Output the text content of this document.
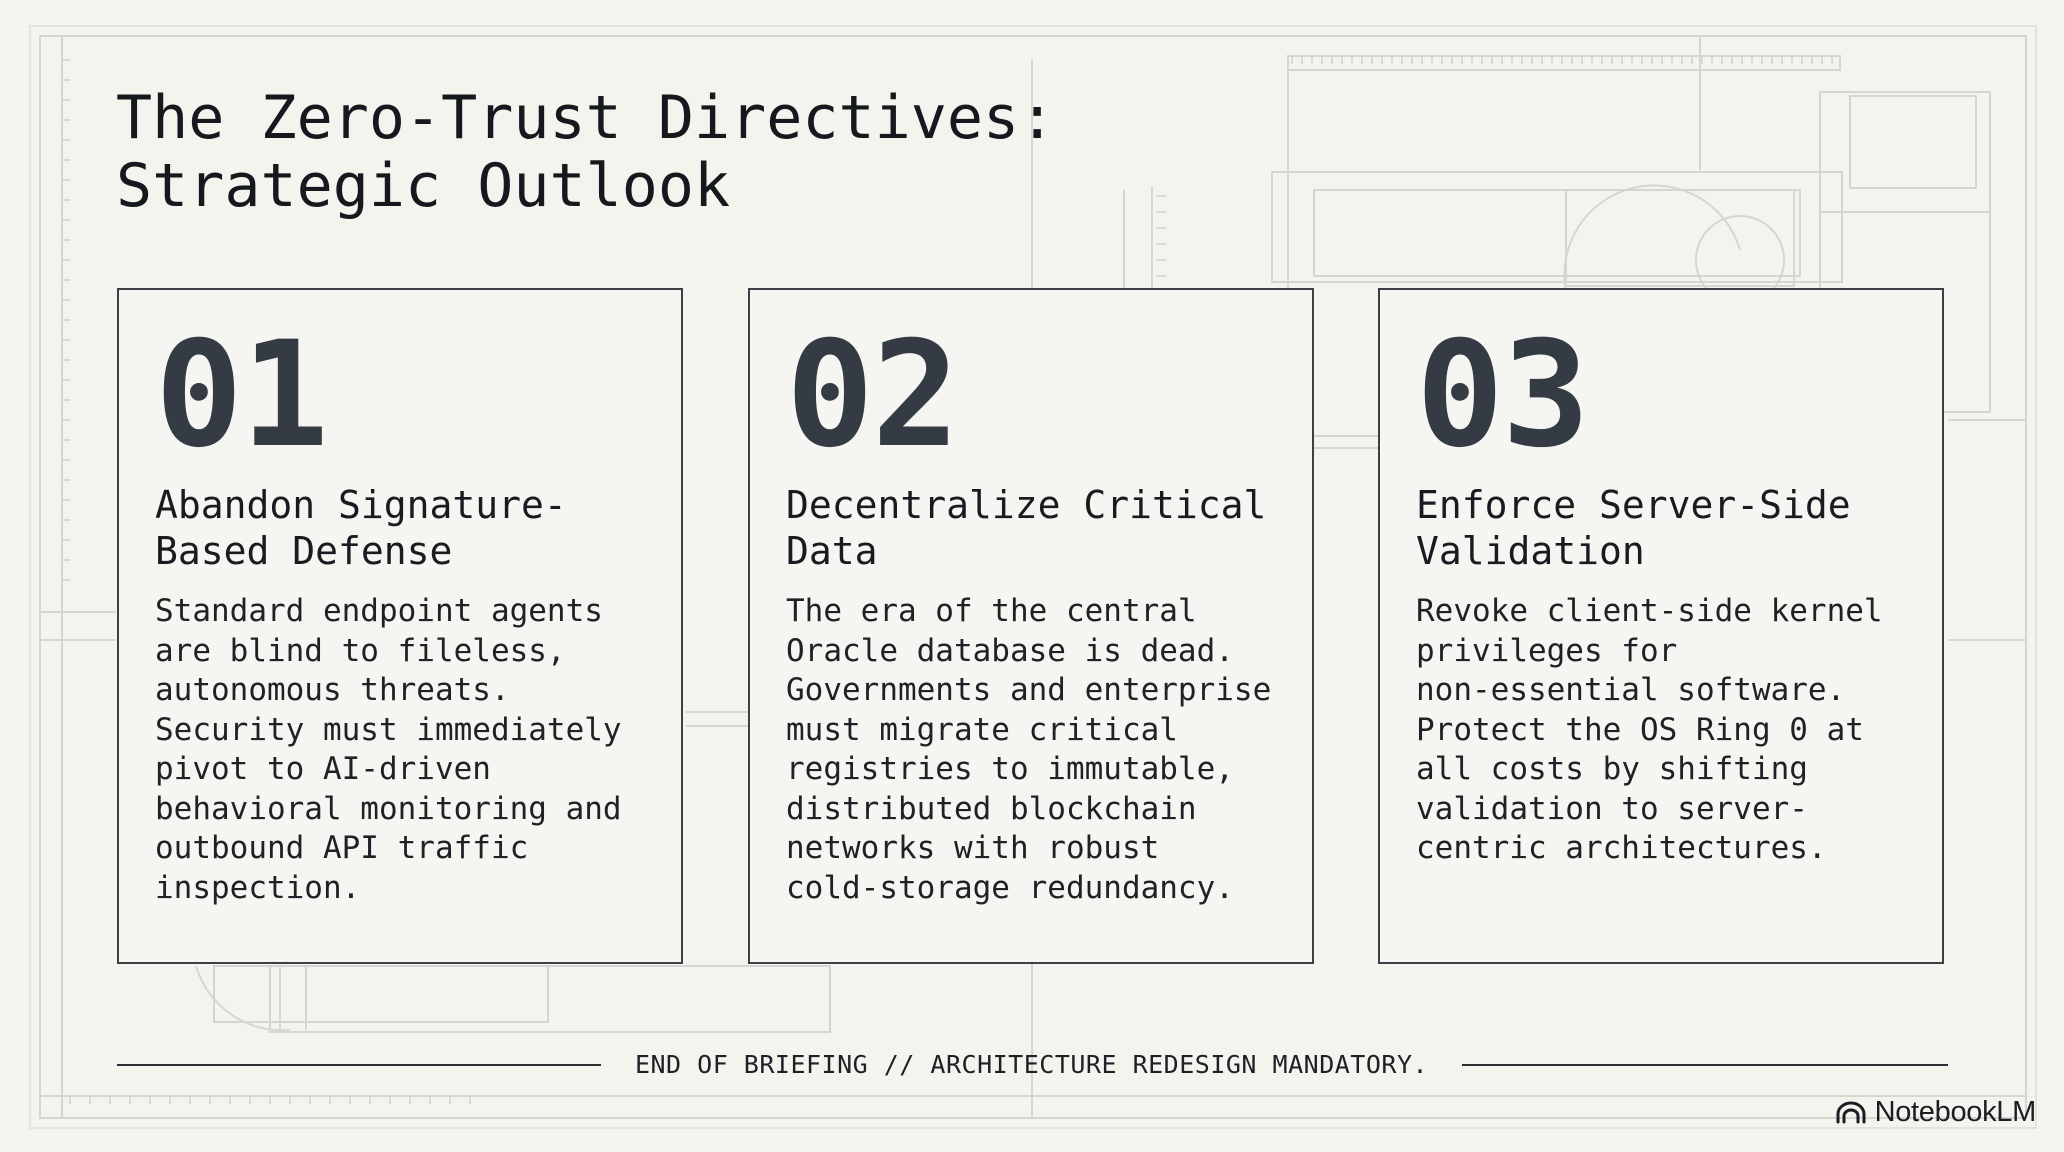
The Zero-Trust Directives:
Strategic Outlook
01
Abandon Signature-
Based Defense

Standard endpoint agents
are blind to fileless,
autonomous threats.
Security must immediately
pivot to AI-driven
behavioral monitoring and
outbound API traffic
inspection.

02
Decentralize Critical
Data

The era of the central
Oracle database is dead.
Governments and enterprise
must migrate critical
registries to immutable,
distributed blockchain
networks with robust
cold-storage redundancy.

03
Enforce Server-Side
Validation

Revoke client-side kernel
privileges for
non-essential software.
Protect the OS Ring 0 at
all costs by shifting
validation to server-
centric architectures.

END OF BRIEFING // ARCHITECTURE REDESIGN MANDATORY.
NotebookLM
